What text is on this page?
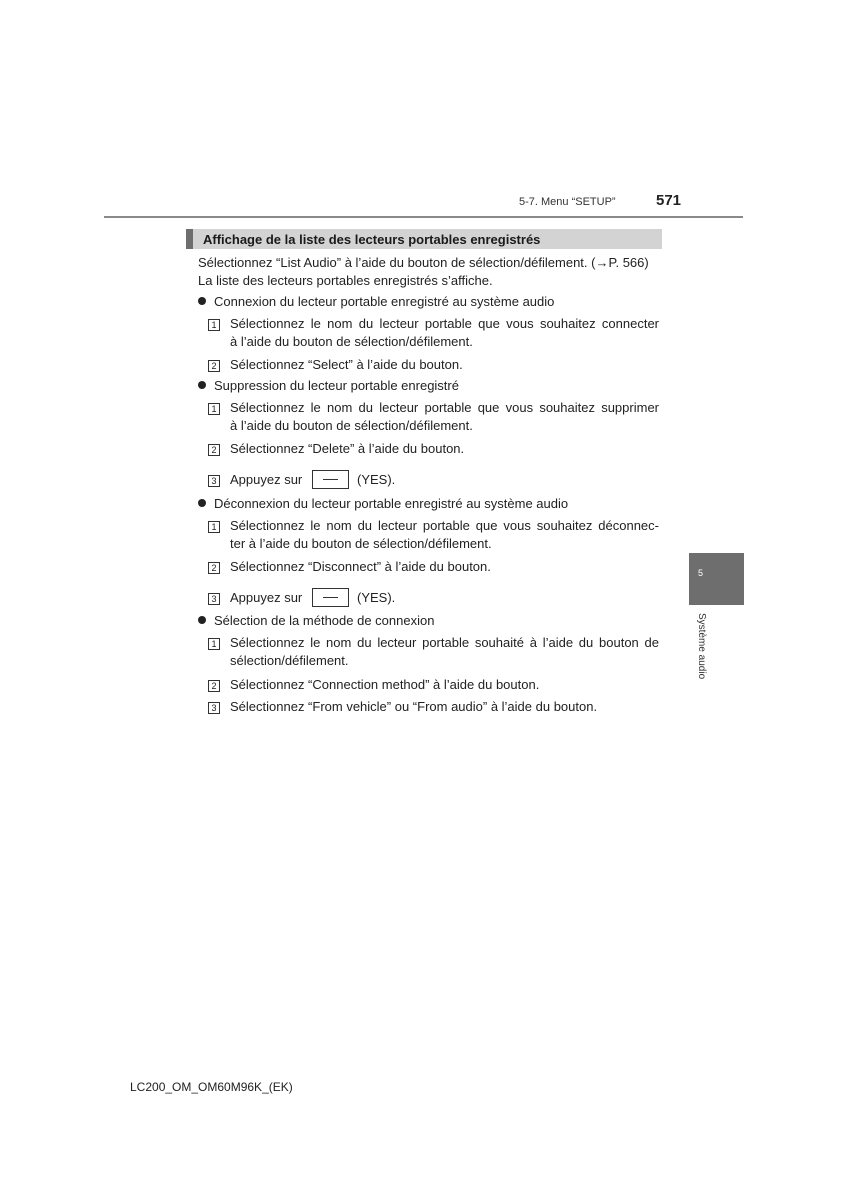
5-7. Menu “SETUP”	571
Affichage de la liste des lecteurs portables enregistrés
Sélectionnez “List Audio” à l’aide du bouton de sélection/défilement. (→P. 566)
La liste des lecteurs portables enregistrés s’affiche.
Connexion du lecteur portable enregistré au système audio
1 Sélectionnez le nom du lecteur portable que vous souhaitez connecter
à l’aide du bouton de sélection/défilement.
2 Sélectionnez “Select” à l’aide du bouton.
Suppression du lecteur portable enregistré
1 Sélectionnez le nom du lecteur portable que vous souhaitez supprimer
à l’aide du bouton de sélection/défilement.
2 Sélectionnez “Delete” à l’aide du bouton.
3 Appuyez sur	(YES).
Déconnexion du lecteur portable enregistré au système audio
1 Sélectionnez le nom du lecteur portable que vous souhaitez déconnec-
ter à l’aide du bouton de sélection/défilement.
2 Sélectionnez “Disconnect” à l’aide du bouton.
3 Appuyez sur	(YES).
Sélection de la méthode de connexion
1 Sélectionnez le nom du lecteur portable souhaité à l’aide du bouton de
sélection/défilement.
2 Sélectionnez “Connection method” à l’aide du bouton.
3 Sélectionnez “From vehicle” ou “From audio” à l’aide du bouton.
5
Système audio
LC200_OM_OM60M96K_(EK)
